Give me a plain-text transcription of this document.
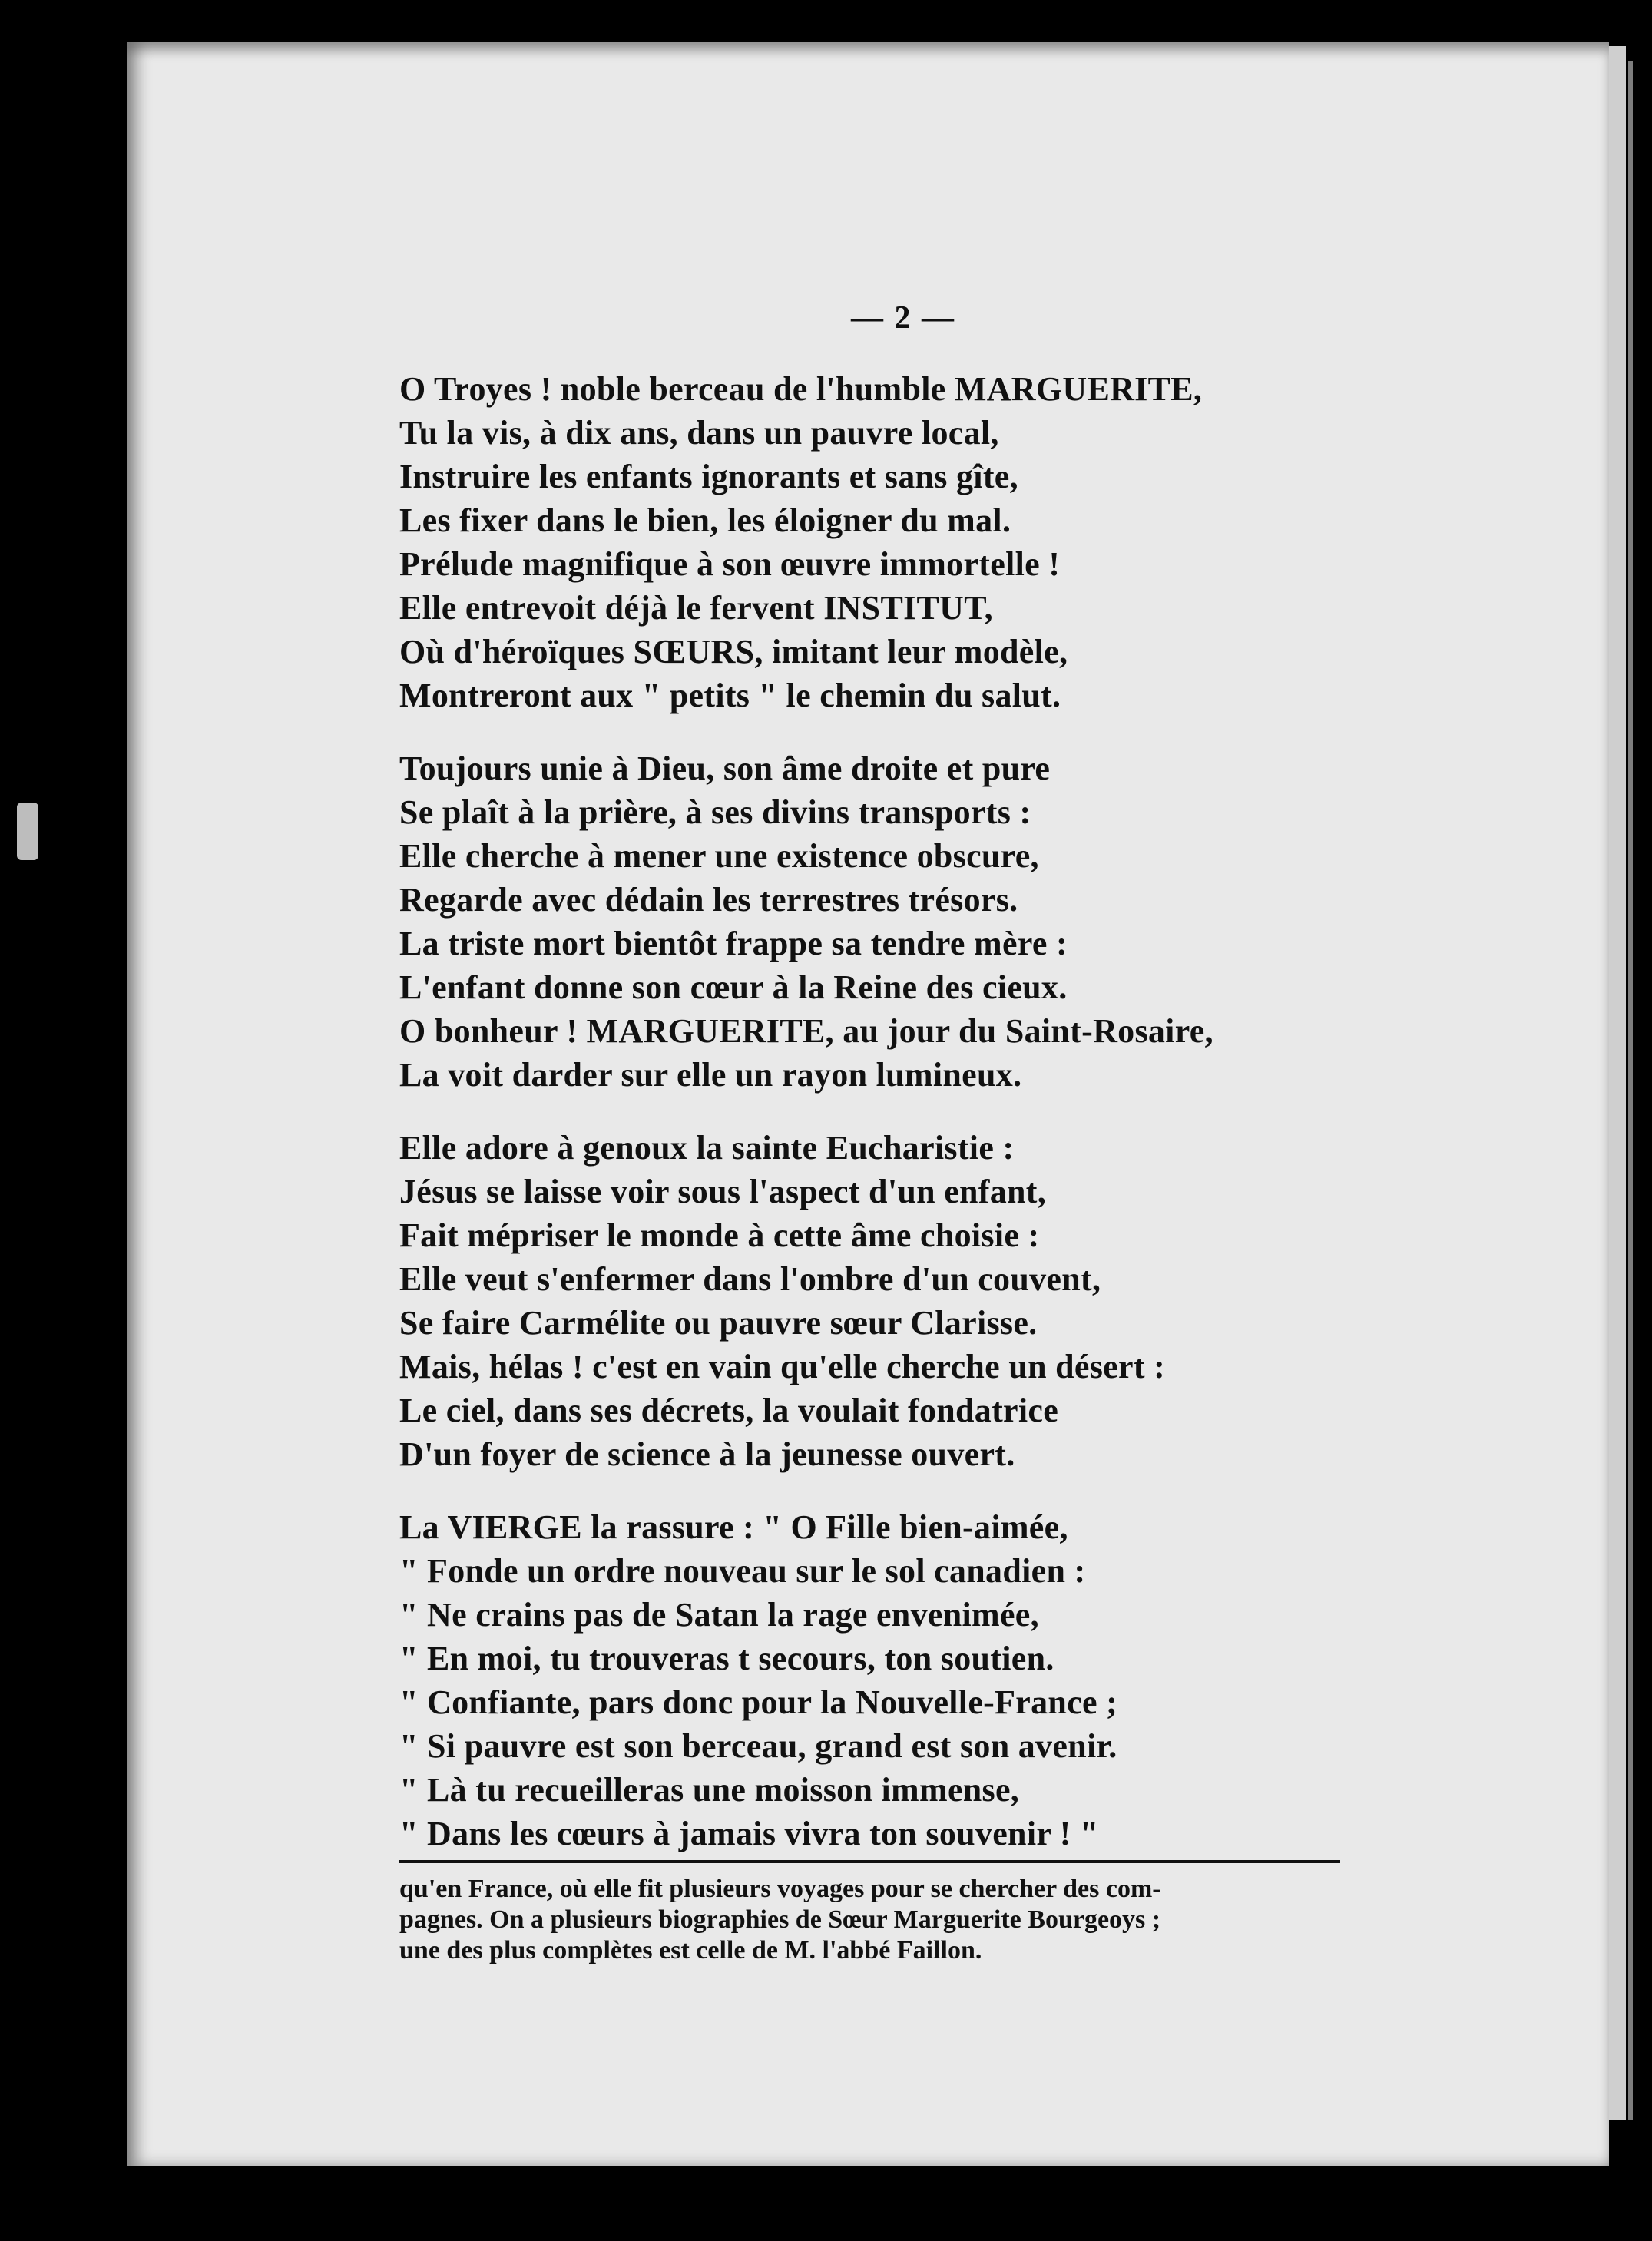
— 2 —
O Troyes ! noble berceau de l'humble MARGUERITE,
Tu la vis, à dix ans, dans un pauvre local,
Instruire les enfants ignorants et sans gîte,
Les fixer dans le bien, les éloigner du mal.
Prélude magnifique à son œuvre immortelle !
Elle entrevoit déjà le fervent INSTITUT,
Où d'héroïques SŒURS, imitant leur modèle,
Montreront aux " petits " le chemin du salut.
Toujours unie à Dieu, son âme droite et pure
Se plaît à la prière, à ses divins transports :
Elle cherche à mener une existence obscure,
Regarde avec dédain les terrestres trésors.
La triste mort bientôt frappe sa tendre mère :
L'enfant donne son cœur à la Reine des cieux.
O bonheur ! MARGUERITE, au jour du Saint-Rosaire,
La voit darder sur elle un rayon lumineux.
Elle adore à genoux la sainte Eucharistie :
Jésus se laisse voir sous l'aspect d'un enfant,
Fait mépriser le monde à cette âme choisie :
Elle veut s'enfermer dans l'ombre d'un couvent,
Se faire Carmélite ou pauvre sœur Clarisse.
Mais, hélas ! c'est en vain qu'elle cherche un désert :
Le ciel, dans ses décrets, la voulait fondatrice
D'un foyer de science à la jeunesse ouvert.
La VIERGE la rassure : " O Fille bien-aimée,
" Fonde un ordre nouveau sur le sol canadien :
" Ne crains pas de Satan la rage envenimée,
" En moi, tu trouveras t secours, ton soutien.
" Confiante, pars donc pour la Nouvelle-France ;
" Si pauvre est son berceau, grand est son avenir.
" Là tu recueilleras une moisson immense,
" Dans les cœurs à jamais vivra ton souvenir ! "
qu'en France, où elle fit plusieurs voyages pour se chercher des com-
pagnes. On a plusieurs biographies de Sœur Marguerite Bourgeoys ;
une des plus complètes est celle de M. l'abbé Faillon.
